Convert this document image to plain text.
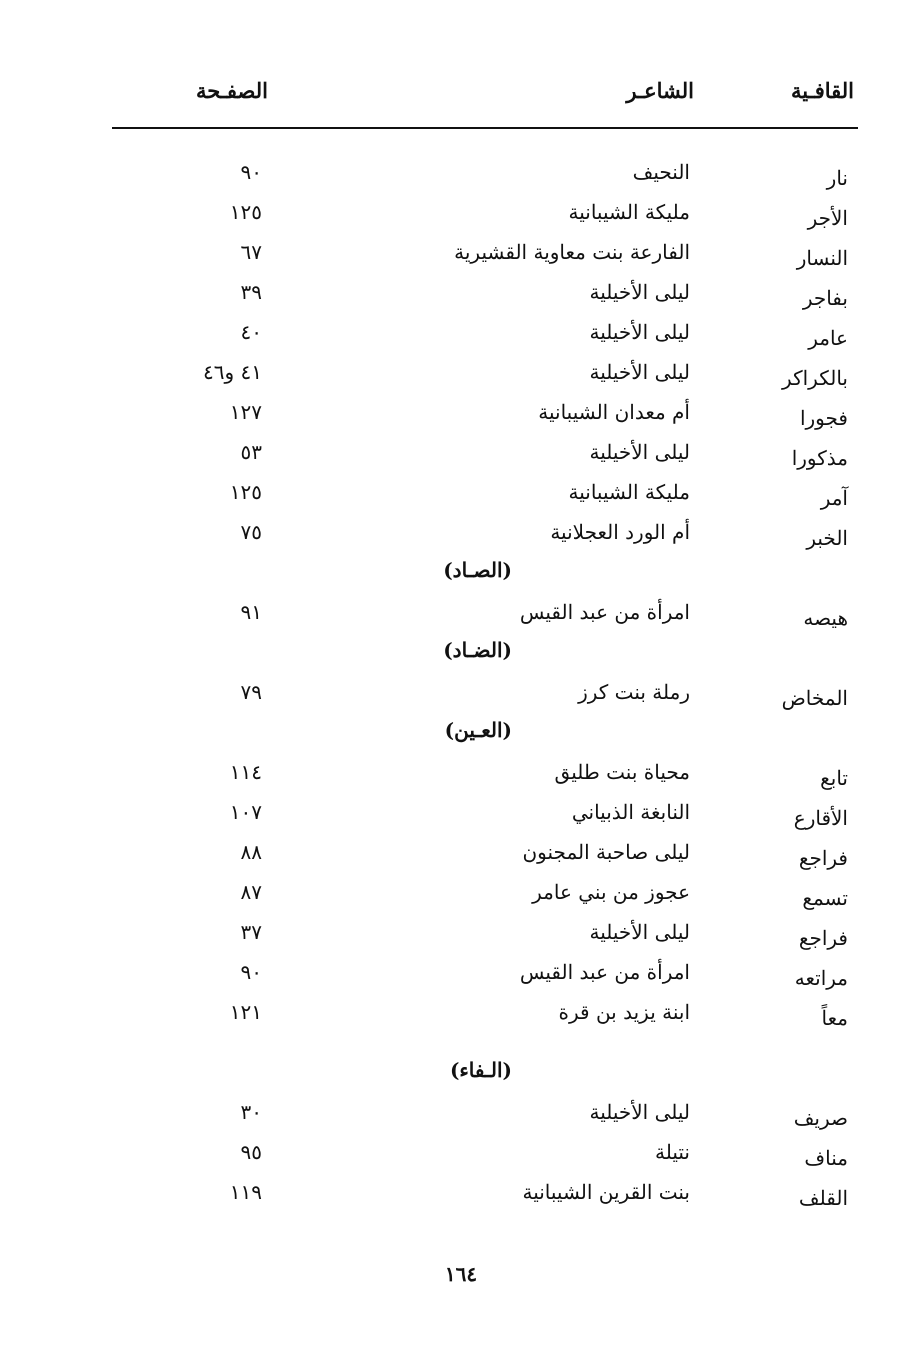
القافـية
الشاعـر
الصفـحة
نار
النحيف
٩٠
الأجر
مليكة الشيبانية
١٢٥
النسار
الفارعة بنت معاوية القشيرية
٦٧
بفاجر
ليلى الأخيلية
٣٩
عامر
ليلى الأخيلية
٤٠
بالكراكر
ليلى الأخيلية
٤١ و٤٦
فجورا
أم معدان الشيبانية
١٢٧
مذكورا
ليلى الأخيلية
٥٣
آمر
مليكة الشيبانية
١٢٥
الخبر
أم الورد العجلانية
٧٥
(الصـاد)
هيصه
امرأة من عبد القيس
٩١
(الضـاد)
المخاض
رملة بنت كرز
٧٩
(العـين)
تابع
محياة بنت طليق
١١٤
الأقارع
النابغة الذبياني
١٠٧
فراجع
ليلى صاحبة المجنون
٨٨
تسمع
عجوز من بني عامر
٨٧
فراجع
ليلى الأخيلية
٣٧
مراتعه
امرأة من عبد القيس
٩٠
معاً
ابنة يزيد بن قرة
١٢١
(الـفاء)
صريف
ليلى الأخيلية
٣٠
مناف
نتيلة
٩٥
القلف
بنت القرين الشيبانية
١١٩
١٦٤
